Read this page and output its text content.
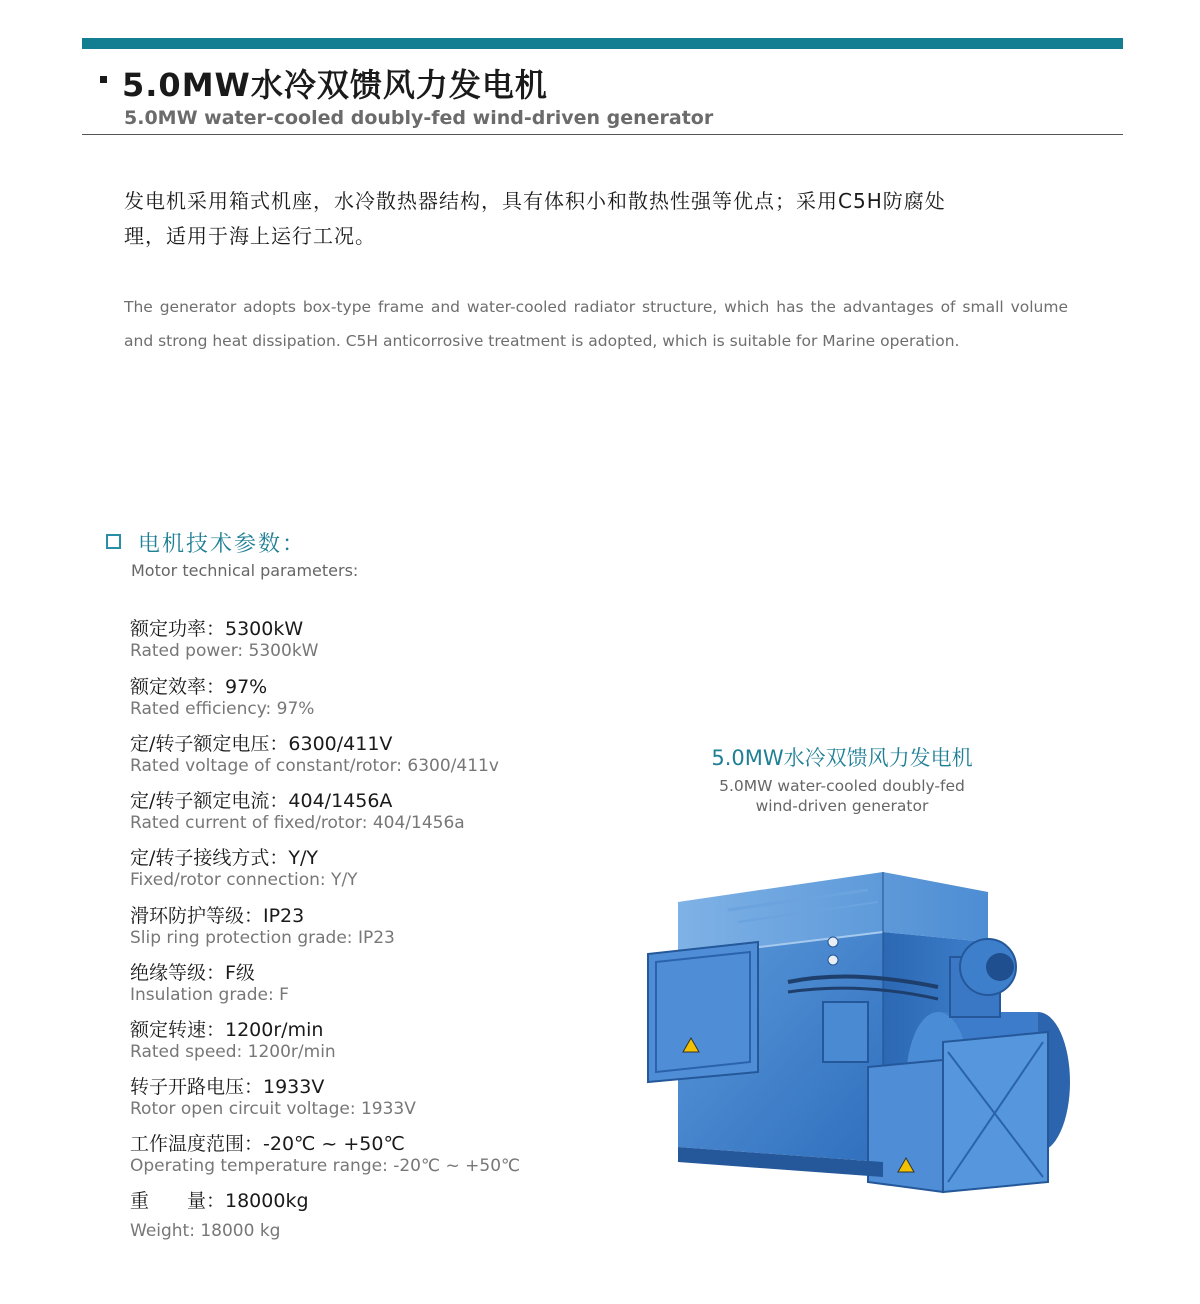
5.0MW水冷双馈风力发电机
5.0MW water-cooled doubly-fed wind-driven generator
发电机采用箱式机座，水冷散热器结构，具有体积小和散热性强等优点；采用C5H防腐处
理，适用于海上运行工况。
The generator adopts box-type frame and water-cooled radiator structure, which has the advantages of small volume and strong heat dissipation. C5H anticorrosive treatment is adopted, which is suitable for Marine operation.
电机技术参数：
Motor technical parameters:
额定功率：5300kW
Rated power: 5300kW
额定效率：97%
Rated efficiency: 97%
定/转子额定电压：6300/411V
Rated voltage of constant/rotor: 6300/411v
定/转子额定电流：404/1456A
Rated current of fixed/rotor: 404/1456a
定/转子接线方式：Y/Y
Fixed/rotor connection: Y/Y
滑环防护等级：IP23
Slip ring protection grade: IP23
绝缘等级：F级
Insulation grade: F
额定转速：1200r/min
Rated speed: 1200r/min
转子开路电压：1933V
Rotor open circuit voltage: 1933V
工作温度范围：-20℃ ~ +50℃
Operating temperature range: -20℃ ~ +50℃
重　　量：18000kg
Weight: 18000 kg
5.0MW水冷双馈风力发电机
5.0MW water-cooled doubly-fed
wind-driven generator
